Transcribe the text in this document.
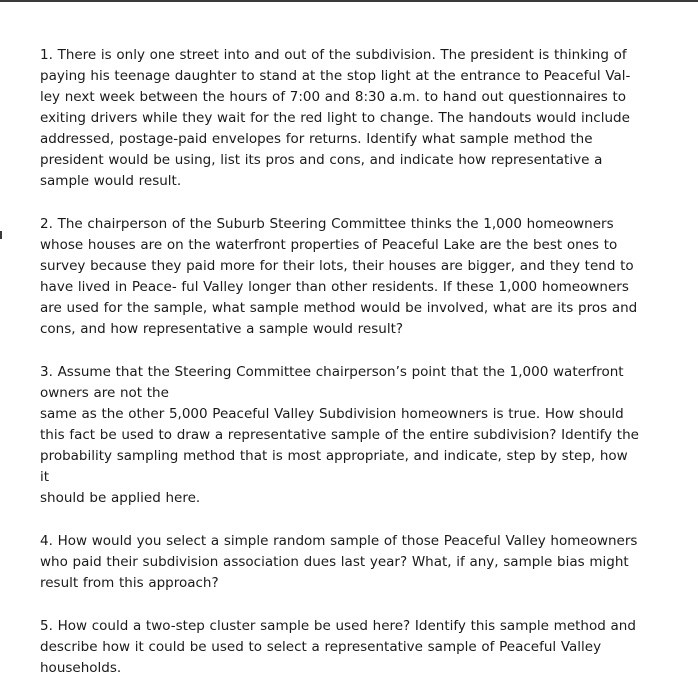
1. There is only one street into and out of the subdivision. The president is thinking of
paying his teenage daughter to stand at the stop light at the entrance to Peaceful Val-
ley next week between the hours of 7:00 and 8:30 a.m. to hand out questionnaires to
exiting drivers while they wait for the red light to change. The handouts would include
addressed, postage-paid envelopes for returns. Identify what sample method the
president would be using, list its pros and cons, and indicate how representative a
sample would result.

2. The chairperson of the Suburb Steering Committee thinks the 1,000 homeowners
whose houses are on the waterfront properties of Peaceful Lake are the best ones to
survey because they paid more for their lots, their houses are bigger, and they tend to
have lived in Peace- ful Valley longer than other residents. If these 1,000 homeowners
are used for the sample, what sample method would be involved, what are its pros and
cons, and how representative a sample would result?

3. Assume that the Steering Committee chairperson’s point that the 1,000 waterfront
owners are not the
same as the other 5,000 Peaceful Valley Subdivision homeowners is true. How should
this fact be used to draw a representative sample of the entire subdivision? Identify the
probability sampling method that is most appropriate, and indicate, step by step, how it
should be applied here.

4. How would you select a simple random sample of those Peaceful Valley homeowners
who paid their subdivision association dues last year? What, if any, sample bias might
result from this approach?

5. How could a two-step cluster sample be used here? Identify this sample method and
describe how it could be used to select a representative sample of Peaceful Valley
households.
